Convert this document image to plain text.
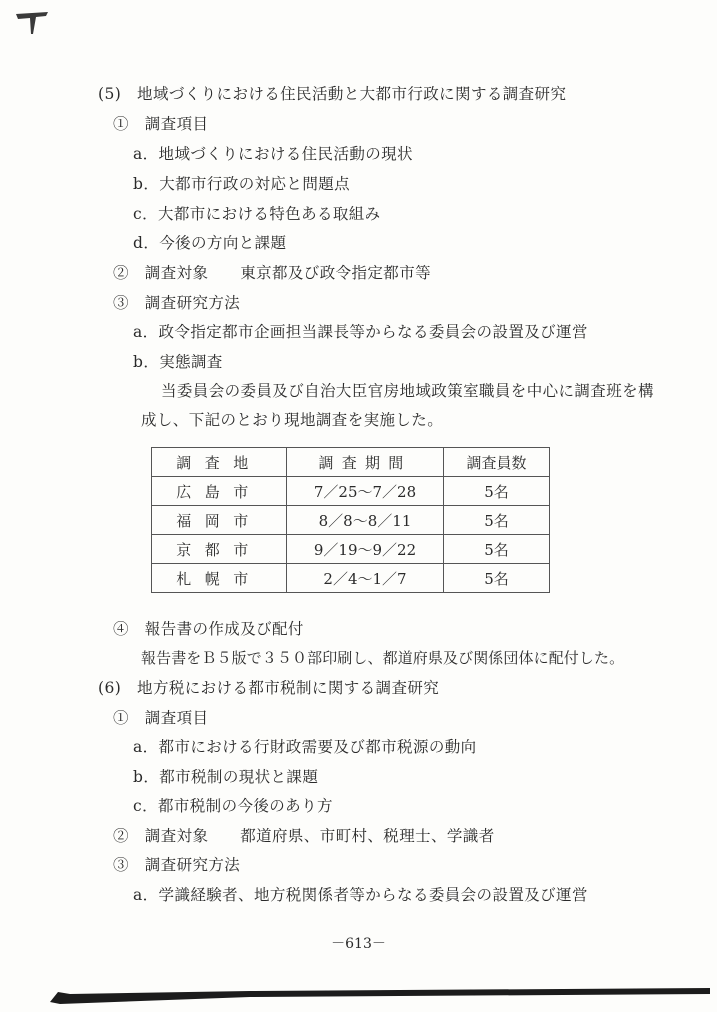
(5)　地域づくりにおける住民活動と大都市行政に関する調査研究
①　調査項目
a．地域づくりにおける住民活動の現状
b．大都市行政の対応と問題点
c．大都市における特色ある取組み
d．今後の方向と課題
②　調査対象　　東京都及び政令指定都市等
③　調査研究方法
a．政令指定都市企画担当課長等からなる委員会の設置及び運営
b．実態調査
当委員会の委員及び自治大臣官房地域政策室職員を中心に調査班を構
成し、下記のとおり現地調査を実施した。
調査地	調査期間	調査員数
広島市	7／25～7／28	5名
福岡市	8／8～8／11	5名
京都市	9／19～9／22	5名
札幌市	2／4～1／7	5名
④　報告書の作成及び配付
報告書をＢ５版で３５０部印刷し、都道府県及び関係団体に配付した。
(6)　地方税における都市税制に関する調査研究
①　調査項目
a．都市における行財政需要及び都市税源の動向
b．都市税制の現状と課題
c．都市税制の今後のあり方
②　調査対象　　都道府県、市町村、税理士、学識者
③　調査研究方法
a．学識経験者、地方税関係者等からなる委員会の設置及び運営
－613－
